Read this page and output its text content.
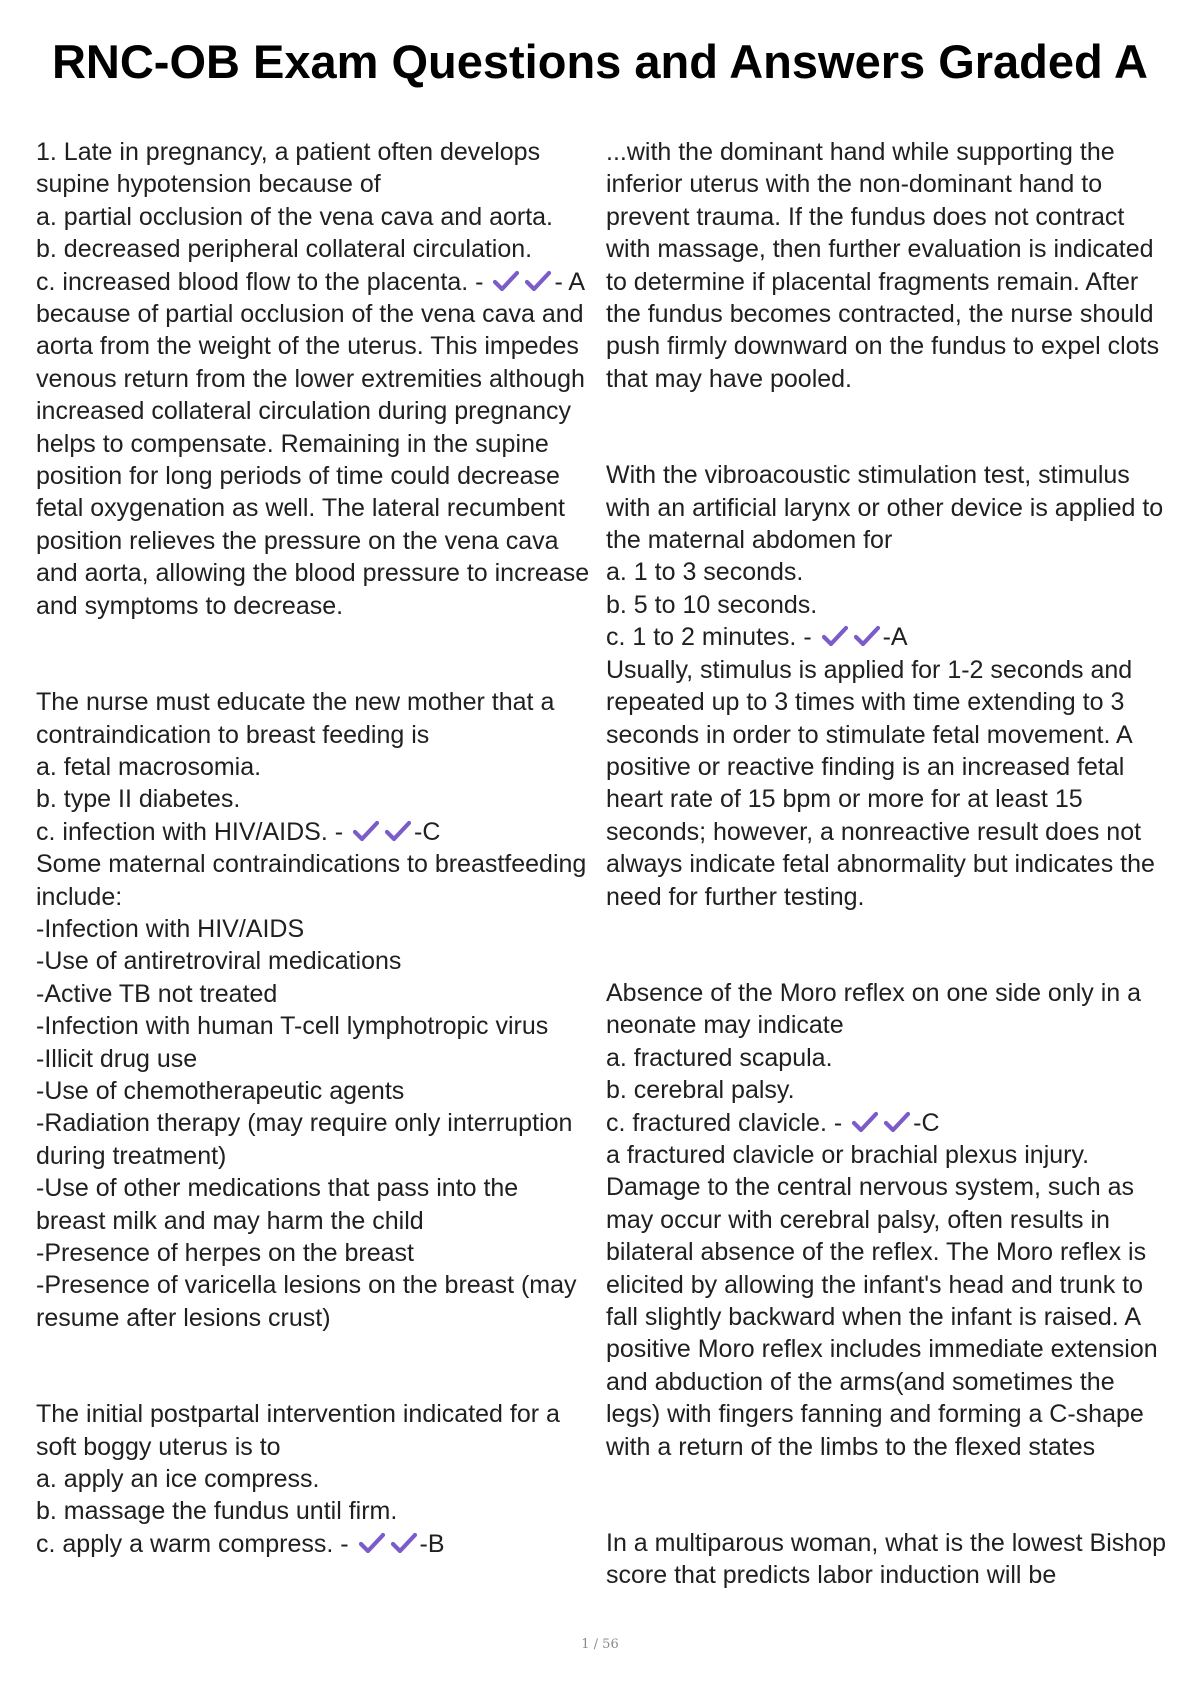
RNC-OB Exam Questions and Answers Graded A

1. Late in pregnancy, a patient often develops supine hypotension because of

a. partial occlusion of the vena cava and aorta.

b. decreased peripheral collateral circulation.

c. increased blood flow to the placenta. -	- A

because of partial occlusion of the vena cava and aorta from the weight of the uterus. This impedes venous return from the lower extremities although increased collateral circulation during pregnancy helps to compensate. Remaining in the supine position for long periods of time could decrease fetal oxygenation as well. The lateral recumbent position relieves the pressure on the vena cava and aorta, allowing the blood pressure to increase and symptoms to decrease.

The nurse must educate the new mother that a contraindication to breast feeding is

a. fetal macrosomia.

b. type II diabetes.

c. infection with HIV/AIDS. -	-C

Some maternal contraindications to breastfeeding include:

-Infection with HIV/AIDS

-Use of antiretroviral medications

-Active TB not treated

-Infection with human T-cell lymphotropic virus

-Illicit drug use

-Use of chemotherapeutic agents

-Radiation therapy (may require only interruption during treatment)

-Use of other medications that pass into the breast milk and may harm the child

-Presence of herpes on the breast

-Presence of varicella lesions on the breast (may resume after lesions crust)

The initial postpartal intervention indicated for a soft boggy uterus is to

a. apply an ice compress.

b. massage the fundus until firm.

c. apply a warm compress. -	-B

...with the dominant hand while supporting the inferior uterus with the non-dominant hand to prevent trauma. If the fundus does not contract with massage, then further evaluation is indicated to determine if placental fragments remain. After the fundus becomes contracted, the nurse should push firmly downward on the fundus to expel clots that may have pooled.

With the vibroacoustic stimulation test, stimulus with an artificial larynx or other device is applied to the maternal abdomen for

a. 1 to 3 seconds.

b. 5 to 10 seconds.

c. 1 to 2 minutes. -	-A

Usually, stimulus is applied for 1-2 seconds and repeated up to 3 times with time extending to 3 seconds in order to stimulate fetal movement. A positive or reactive finding is an increased fetal heart rate of 15 bpm or more for at least 15 seconds; however, a nonreactive result does not always indicate fetal abnormality but indicates the need for further testing.

Absence of the Moro reflex on one side only in a neonate may indicate

a. fractured scapula.

b. cerebral palsy.

c. fractured clavicle. -	-C

a fractured clavicle or brachial plexus injury. Damage to the central nervous system, such as may occur with cerebral palsy, often results in bilateral absence of the reflex. The Moro reflex is elicited by allowing the infant's head and trunk to fall slightly backward when the infant is raised. A positive Moro reflex includes immediate extension and abduction of the arms(and sometimes the legs) with fingers fanning and forming a C-shape with a return of the limbs to the flexed states

In a multiparous woman, what is the lowest Bishop score that predicts labor induction will be

1 / 56
